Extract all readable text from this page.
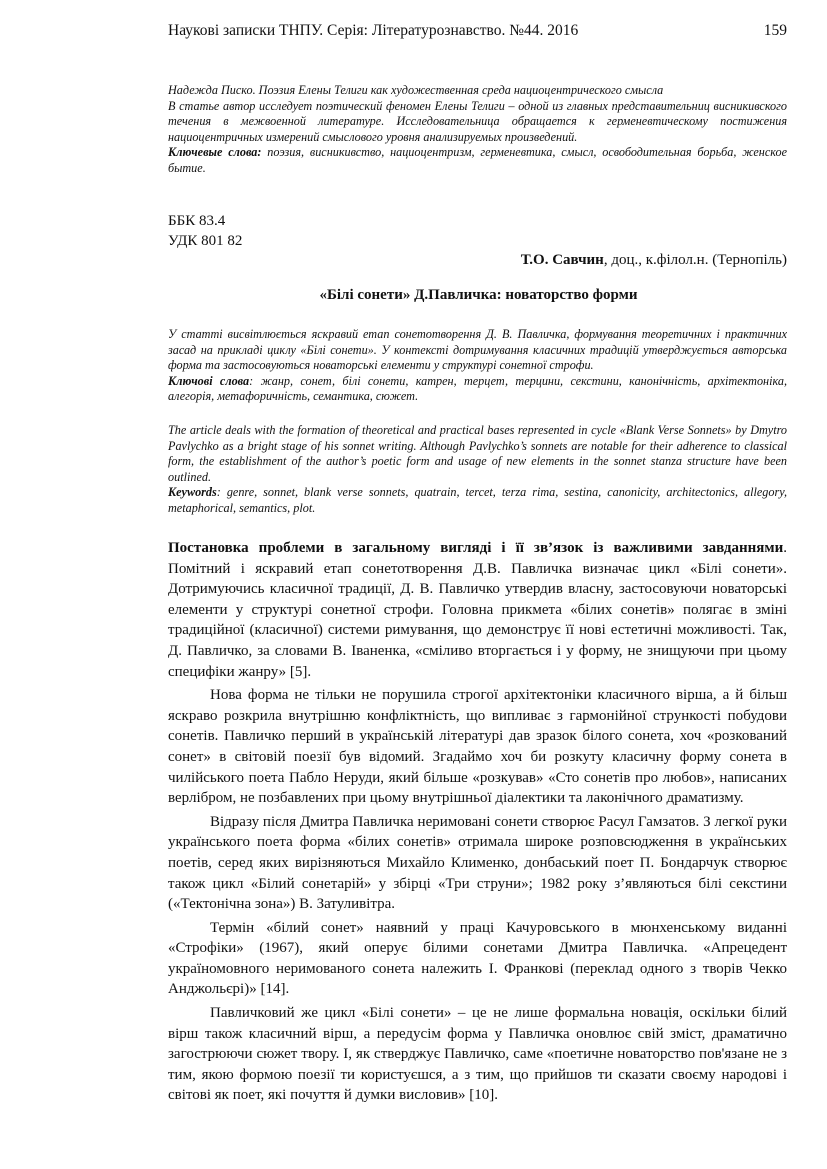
Наукові записки ТНПУ. Серія: Літературознавство. №44. 2016	159

Надежда Писко. Поэзия Елены Телиги как художественная среда нациоцентрического смысла

В статье автор исследует поэтический феномен Елены Телиги – одной из главных представительниц висникивского течения в межвоенной литературе. Исследовательница обращается к герменевтическому постижения нациоцентричных измерений смыслового уровня анализируемых произведений.

Ключевые слова: поэзия, висникивство, нациоцентризм, герменевтика, смысл, освободительная борьба, женское бытие.

ББК 83.4
УДК 801 82
Т.О. Савчин, доц., к.філол.н. (Тернопіль)
«Білі сонети» Д.Павличка: новаторство форми

У статті висвітлюється яскравий етап сонетотворення Д. В. Павличка, формування теоретичних і практичних засад на прикладі циклу «Білі сонети». У контексті дотримування класичних традицій утверджується авторська форма та застосовуються новаторські елементи у структурі сонетної строфи.

Ключові слова: жанр, сонет, білі сонети, катрен, терцет, терцини, секстини, канонічність, архітектоніка, алегорія, метафоричність, семантика, сюжет.

The article deals with the formation of theoretical and practical bases represented in cycle «Blank Verse Sonnets» by Dmytro Pavlychko as a bright stage of his sonnet writing. Although Pavlychko’s sonnets are notable for their adherence to classical form, the establishment of the author’s poetic form and usage of new elements in the sonnet stanza structure have been outlined.

Keywords: genre, sonnet, blank verse sonnets, quatrain, tercet, terza rima, sestina, canonicity, architectonics, allegory, metaphorical, semantics, plot.

Постановка проблеми в загальному вигляді і її зв’язок із важливими завданнями. Помітний і яскравий етап сонетотворення Д.В. Павличка визначає цикл «Білі сонети». Дотримуючись класичної традиції, Д. В. Павличко утвердив власну, застосовуючи новаторські елементи у структурі сонетної строфи. Головна прикмета «білих сонетів» полягає в зміні традиційної (класичної) системи римування, що демонструє її нові естетичні можливості. Так, Д. Павличко, за словами В. Іваненка, «сміливо вторгається і у форму, не знищуючи при цьому специфіки жанру» [5].

Нова форма не тільки не порушила строгої архітектоніки класичного вірша, а й більш яскраво розкрила внутрішню конфліктність, що випливає з гармонійної стрункості побудови сонетів. Павличко перший в українській літературі дав зразок білого сонета, хоч «розкований сонет» в світовій поезії був відомий. Згадаймо хоч би розкуту класичну форму сонета в чилійського поета Пабло Неруди, який більше «розкував» «Сто сонетів про любов», написаних верлібром, не позбавлених при цьому внутрішньої діалектики та лаконічного драматизму.

Відразу після Дмитра Павличка неримовані сонети створює Расул Гамзатов. З легкої руки українського поета форма «білих сонетів» отримала широке розповсюдження в українських поетів, серед яких вирізняються Михайло Клименко, донбаський поет П. Бондарчук створює також цикл «Білий сонетарій» у збірці «Три струни»; 1982 року з’являються білі секстини («Тектонічна зона») В. Затуливітра.

Термін «білий сонет» наявний у праці Качуровського в мюнхенському виданні «Строфіки» (1967), який оперує білими сонетами Дмитра Павличка. «Апрецедент україномовного неримованого сонета належить І. Франкові (переклад одного з творів Чекко Анджольєрі)» [14].

Павличковий же цикл «Білі сонети» – це не лише формальна новація, оскільки білий вірш також класичний вірш, а передусім форма у Павличка оновлює свій зміст, драматично загострюючи сюжет твору. І, як стверджує Павличко, саме «поетичне новаторство пов'язане не з тим, якою формою поезії ти користуєшся, а з тим, що прийшов ти сказати своєму народові і світові як поет, які почуття й думки висловив» [10].
